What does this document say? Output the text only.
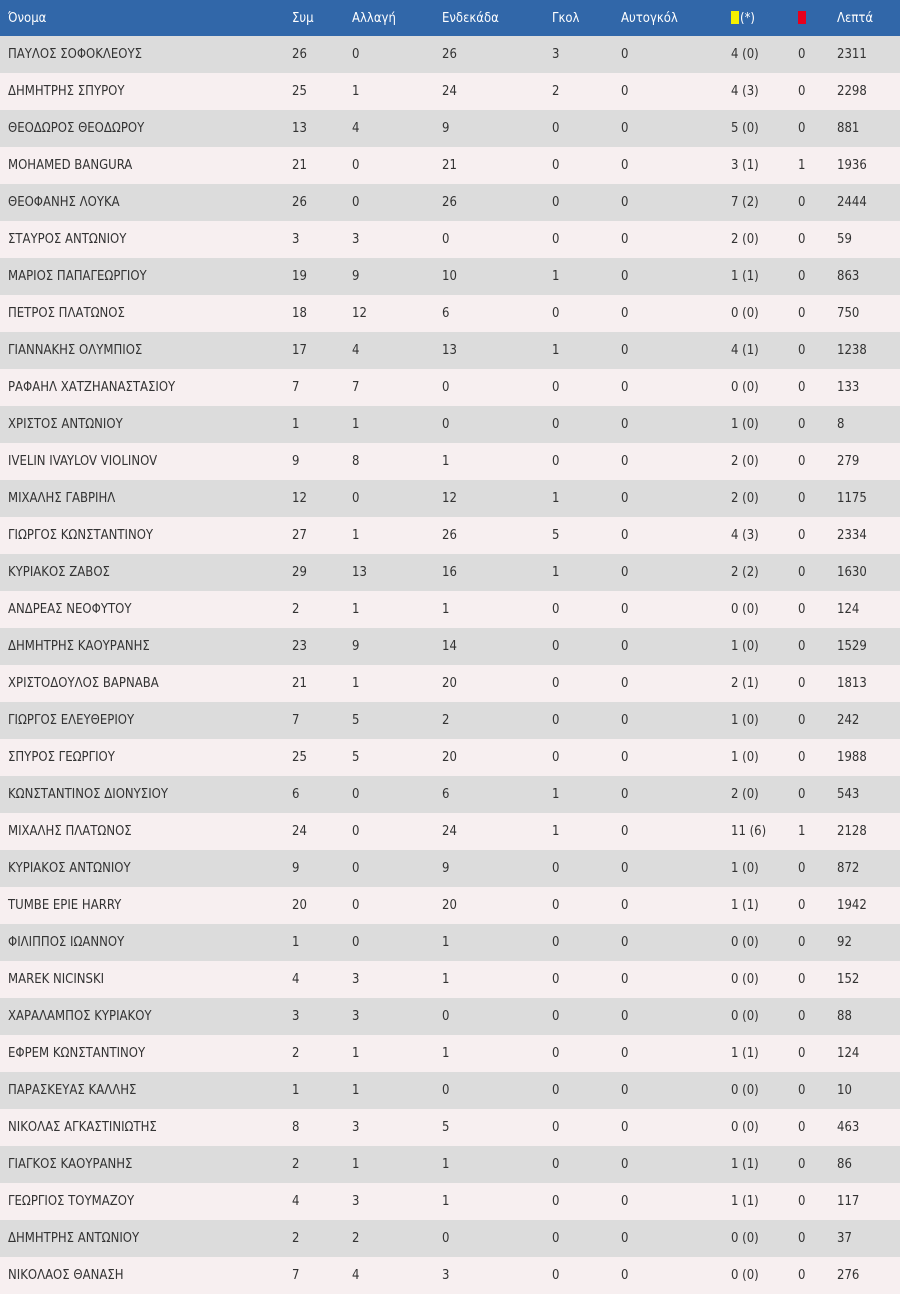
Όνομα	Συμ	Αλλαγή	Ενδεκάδα	Γκολ	Αυτογκόλ	(*)		Λεπτά
ΠΑΥΛΟΣ ΣΟΦΟΚΛΕΟΥΣ	26	0	26	3	0	4 (0)	0	2311
ΔΗΜΗΤΡΗΣ ΣΠΥΡΟΥ	25	1	24	2	0	4 (3)	0	2298
ΘΕΟΔΩΡΟΣ ΘΕΟΔΩΡΟΥ	13	4	9	0	0	5 (0)	0	881
MOHAMED BANGURA	21	0	21	0	0	3 (1)	1	1936
ΘΕΟΦΑΝΗΣ ΛΟΥΚΑ	26	0	26	0	0	7 (2)	0	2444
ΣΤΑΥΡΟΣ ΑΝΤΩΝΙΟΥ	3	3	0	0	0	2 (0)	0	59
ΜΑΡΙΟΣ ΠΑΠΑΓΕΩΡΓΙΟΥ	19	9	10	1	0	1 (1)	0	863
ΠΕΤΡΟΣ ΠΛΑΤΩΝΟΣ	18	12	6	0	0	0 (0)	0	750
ΓΙΑΝΝΑΚΗΣ ΟΛΥΜΠΙΟΣ	17	4	13	1	0	4 (1)	0	1238
ΡΑΦΑΗΛ ΧΑΤΖΗΑΝΑΣΤΑΣΙΟΥ	7	7	0	0	0	0 (0)	0	133
ΧΡΙΣΤΟΣ ΑΝΤΩΝΙΟΥ	1	1	0	0	0	1 (0)	0	8
IVELIN IVAYLOV VIOLINOV	9	8	1	0	0	2 (0)	0	279
ΜΙΧΑΛΗΣ ΓΑΒΡΙΗΛ	12	0	12	1	0	2 (0)	0	1175
ΓΙΩΡΓΟΣ ΚΩΝΣΤΑΝΤΙΝΟΥ	27	1	26	5	0	4 (3)	0	2334
ΚΥΡΙΑΚΟΣ ΖΑΒΟΣ	29	13	16	1	0	2 (2)	0	1630
ΑΝΔΡΕΑΣ ΝΕΟΦΥΤΟΥ	2	1	1	0	0	0 (0)	0	124
ΔΗΜΗΤΡΗΣ ΚΑΟΥΡΑΝΗΣ	23	9	14	0	0	1 (0)	0	1529
ΧΡΙΣΤΟΔΟΥΛΟΣ ΒΑΡΝΑΒΑ	21	1	20	0	0	2 (1)	0	1813
ΓΙΩΡΓΟΣ ΕΛΕΥΘΕΡΙΟΥ	7	5	2	0	0	1 (0)	0	242
ΣΠΥΡΟΣ ΓΕΩΡΓΙΟΥ	25	5	20	0	0	1 (0)	0	1988
ΚΩΝΣΤΑΝΤΙΝΟΣ ΔΙΟΝΥΣΙΟΥ	6	0	6	1	0	2 (0)	0	543
ΜΙΧΑΛΗΣ ΠΛΑΤΩΝΟΣ	24	0	24	1	0	11 (6)	1	2128
ΚΥΡΙΑΚΟΣ ΑΝΤΩΝΙΟΥ	9	0	9	0	0	1 (0)	0	872
TUMBE EPIE HARRY	20	0	20	0	0	1 (1)	0	1942
ΦΙΛΙΠΠΟΣ ΙΩΑΝΝΟΥ	1	0	1	0	0	0 (0)	0	92
MAREK NICINSKI	4	3	1	0	0	0 (0)	0	152
ΧΑΡΑΛΑΜΠΟΣ ΚΥΡΙΑΚΟΥ	3	3	0	0	0	0 (0)	0	88
ΕΦΡΕΜ ΚΩΝΣΤΑΝΤΙΝΟΥ	2	1	1	0	0	1 (1)	0	124
ΠΑΡΑΣΚΕΥΑΣ ΚΑΛΛΗΣ	1	1	0	0	0	0 (0)	0	10
ΝΙΚΟΛΑΣ ΑΓΚΑΣΤΙΝΙΩΤΗΣ	8	3	5	0	0	0 (0)	0	463
ΓΙΑΓΚΟΣ ΚΑΟΥΡΑΝΗΣ	2	1	1	0	0	1 (1)	0	86
ΓΕΩΡΓΙΟΣ ΤΟΥΜΑΖΟΥ	4	3	1	0	0	1 (1)	0	117
ΔΗΜΗΤΡΗΣ ΑΝΤΩΝΙΟΥ	2	2	0	0	0	0 (0)	0	37
ΝΙΚΟΛΑΟΣ ΘΑΝΑΣΗ	7	4	3	0	0	0 (0)	0	276
